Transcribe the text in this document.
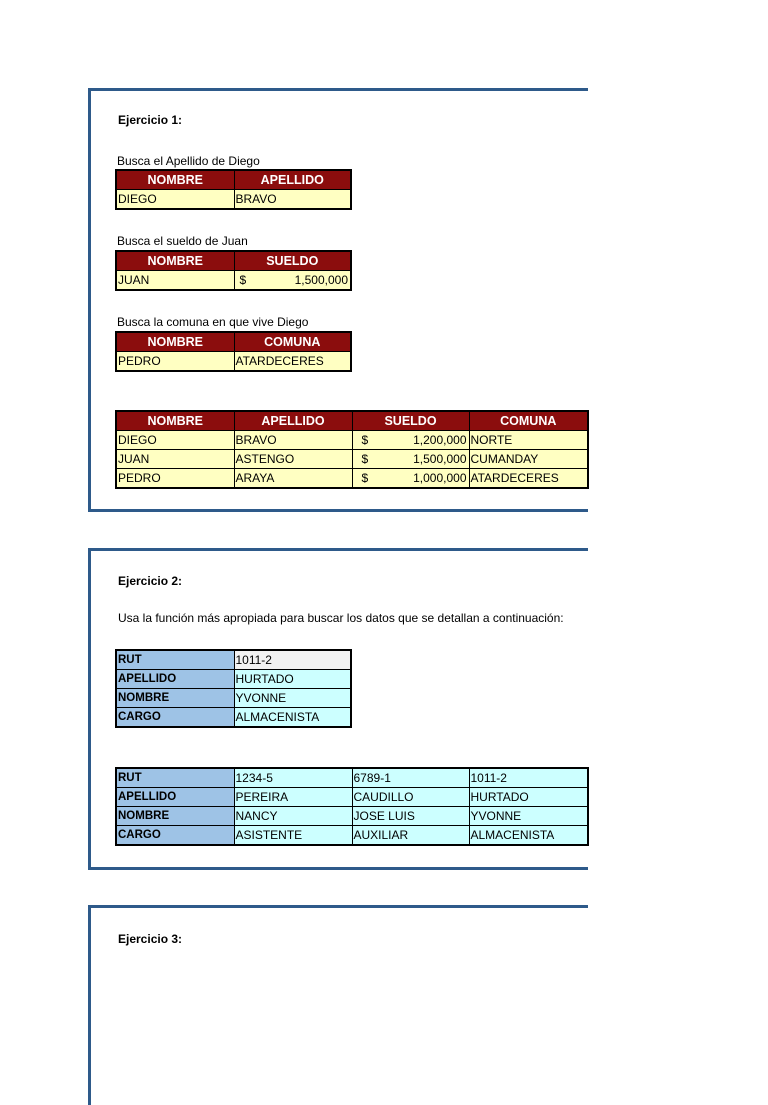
Ejercicio 1:
Busca el Apellido de Diego
NOMBRE	APELLIDO
DIEGO	BRAVO
Busca el sueldo de Juan
NOMBRE	SUELDO
JUAN	$ 1,500,000
Busca la comuna en que vive Diego
NOMBRE	COMUNA
PEDRO	ATARDECERES
NOMBRE	APELLIDO	SUELDO	COMUNA
DIEGO	BRAVO	$ 1,200,000	NORTE
JUAN	ASTENGO	$ 1,500,000	CUMANDAY
PEDRO	ARAYA	$ 1,000,000	ATARDECERES
Ejercicio 2:
Usa la función más apropiada para buscar los datos que se detallan a continuación:
RUT	1011-2
APELLIDO	HURTADO
NOMBRE	YVONNE
CARGO	ALMACENISTA
RUT	1234-5	6789-1	1011-2
APELLIDO	PEREIRA	CAUDILLO	HURTADO
NOMBRE	NANCY	JOSE LUIS	YVONNE
CARGO	ASISTENTE	AUXILIAR	ALMACENISTA
Ejercicio 3:
